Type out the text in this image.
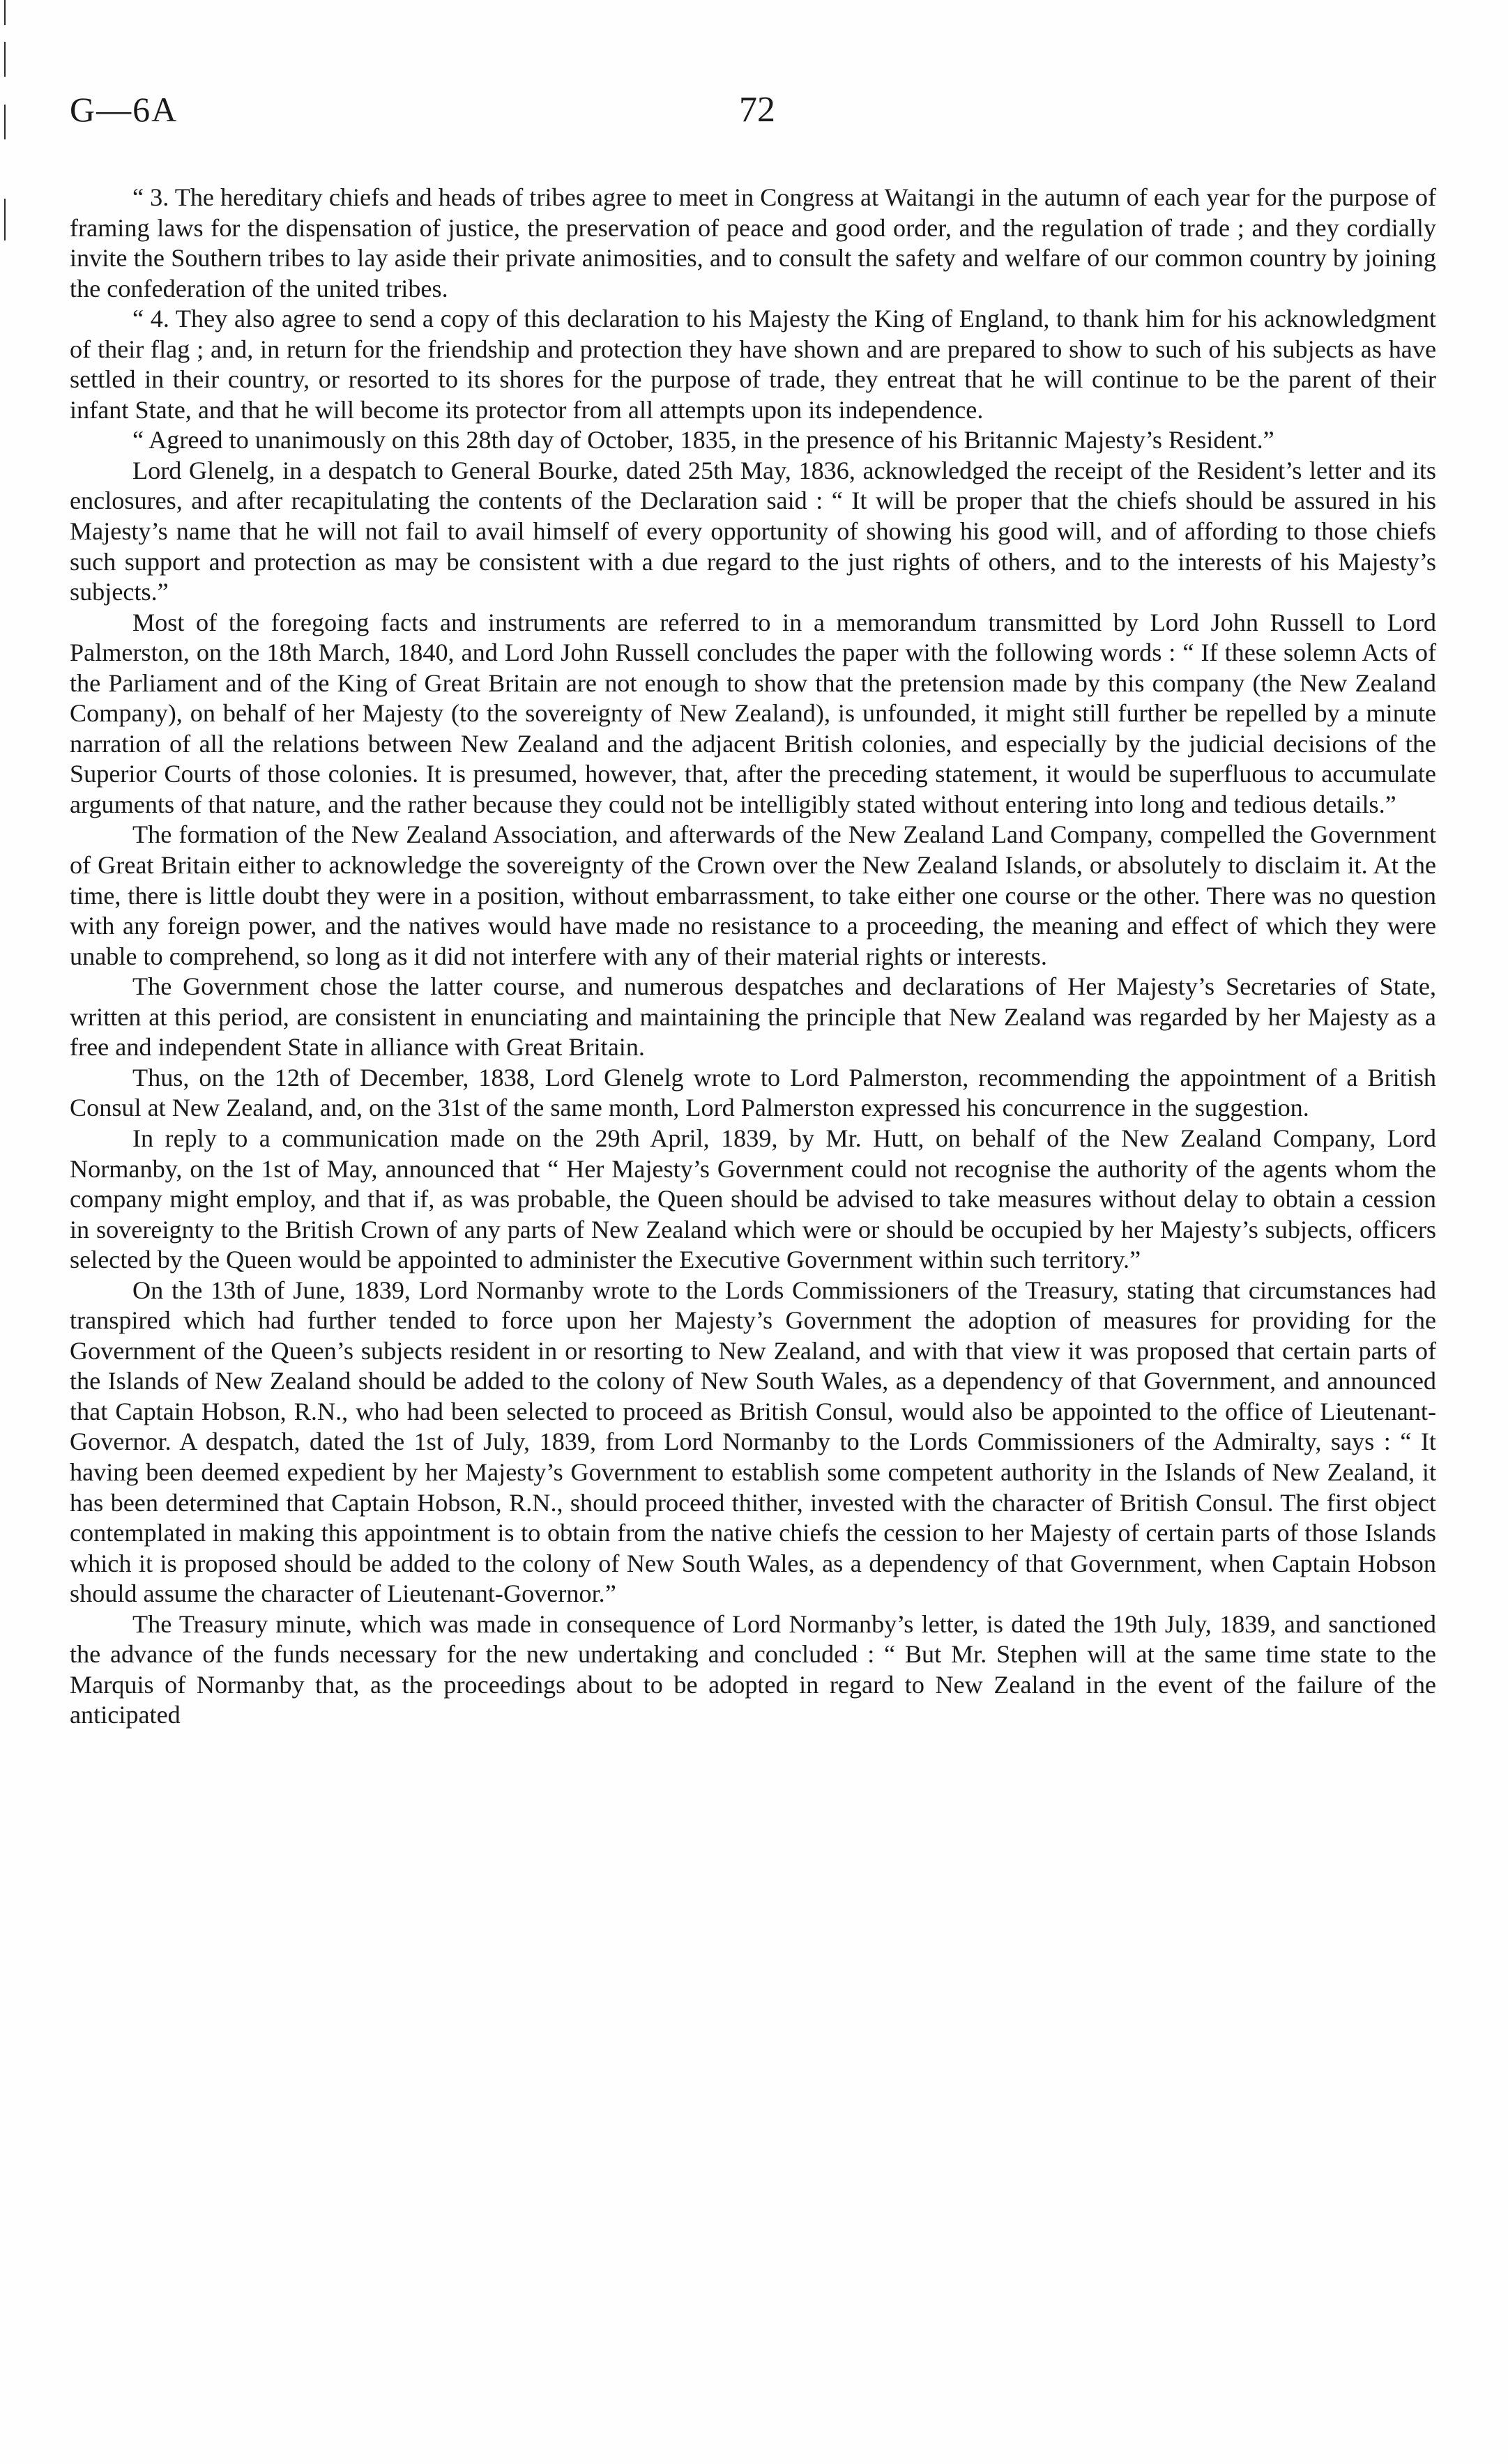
G—6A	72

“ 3. The hereditary chiefs and heads of tribes agree to meet in Congress at Waitangi in the autumn of each year for the purpose of framing laws for the dispensation of justice, the preservation of peace and good order, and the regulation of trade ; and they cordially invite the Southern tribes to lay aside their private animosities, and to consult the safety and welfare of our common country by joining the confederation of the united tribes.

“ 4. They also agree to send a copy of this declaration to his Majesty the King of England, to thank him for his acknowledgment of their flag ; and, in return for the friendship and protection they have shown and are prepared to show to such of his subjects as have settled in their country, or resorted to its shores for the purpose of trade, they entreat that he will continue to be the parent of their infant State, and that he will become its protector from all attempts upon its independence.

“ Agreed to unanimously on this 28th day of October, 1835, in the presence of his Britannic Majesty’s Resident.”

Lord Glenelg, in a despatch to General Bourke, dated 25th May, 1836, acknowledged the receipt of the Resident’s letter and its enclosures, and after recapitulating the contents of the Declaration said : “ It will be proper that the chiefs should be assured in his Majesty’s name that he will not fail to avail himself of every opportunity of showing his good will, and of affording to those chiefs such support and protection as may be consistent with a due regard to the just rights of others, and to the interests of his Majesty’s subjects.”

Most of the foregoing facts and instruments are referred to in a memorandum transmitted by Lord John Russell to Lord Palmerston, on the 18th March, 1840, and Lord John Russell concludes the paper with the following words : “ If these solemn Acts of the Parliament and of the King of Great Britain are not enough to show that the pretension made by this company (the New Zealand Company), on behalf of her Majesty (to the sovereignty of New Zealand), is unfounded, it might still further be repelled by a minute narration of all the relations between New Zealand and the adjacent British colonies, and especially by the judicial decisions of the Superior Courts of those colonies. It is presumed, however, that, after the preceding statement, it would be superfluous to accumulate arguments of that nature, and the rather because they could not be intelligibly stated without entering into long and tedious details.”

The formation of the New Zealand Association, and afterwards of the New Zealand Land Company, compelled the Government of Great Britain either to acknowledge the sovereignty of the Crown over the New Zealand Islands, or absolutely to disclaim it. At the time, there is little doubt they were in a position, without embarrassment, to take either one course or the other. There was no question with any foreign power, and the natives would have made no resistance to a proceeding, the meaning and effect of which they were unable to comprehend, so long as it did not interfere with any of their material rights or interests.

The Government chose the latter course, and numerous despatches and declarations of Her Majesty’s Secretaries of State, written at this period, are consistent in enunciating and maintaining the principle that New Zealand was regarded by her Majesty as a free and independent State in alliance with Great Britain.

Thus, on the 12th of December, 1838, Lord Glenelg wrote to Lord Palmerston, recommending the appointment of a British Consul at New Zealand, and, on the 31st of the same month, Lord Palmerston expressed his concurrence in the suggestion.

In reply to a communication made on the 29th April, 1839, by Mr. Hutt, on behalf of the New Zealand Company, Lord Normanby, on the 1st of May, announced that “ Her Majesty’s Government could not recognise the authority of the agents whom the company might employ, and that if, as was probable, the Queen should be advised to take measures without delay to obtain a cession in sovereignty to the British Crown of any parts of New Zealand which were or should be occupied by her Majesty’s subjects, officers selected by the Queen would be appointed to administer the Executive Government within such territory.”

On the 13th of June, 1839, Lord Normanby wrote to the Lords Commissioners of the Treasury, stating that circumstances had transpired which had further tended to force upon her Majesty’s Government the adoption of measures for providing for the Government of the Queen’s subjects resident in or resorting to New Zealand, and with that view it was proposed that certain parts of the Islands of New Zealand should be added to the colony of New South Wales, as a dependency of that Government, and announced that Captain Hobson, R.N., who had been selected to proceed as British Consul, would also be appointed to the office of Lieutenant-Governor. A despatch, dated the 1st of July, 1839, from Lord Normanby to the Lords Commissioners of the Admiralty, says : “ It having been deemed expedient by her Majesty’s Government to establish some competent authority in the Islands of New Zealand, it has been determined that Captain Hobson, R.N., should proceed thither, invested with the character of British Consul. The first object contemplated in making this appointment is to obtain from the native chiefs the cession to her Majesty of certain parts of those Islands which it is proposed should be added to the colony of New South Wales, as a dependency of that Government, when Captain Hobson should assume the character of Lieutenant-Governor.”

The Treasury minute, which was made in consequence of Lord Normanby’s letter, is dated the 19th July, 1839, and sanctioned the advance of the funds necessary for the new undertaking and concluded : “ But Mr. Stephen will at the same time state to the Marquis of Normanby that, as the proceedings about to be adopted in regard to New Zealand in the event of the failure of the anticipated
